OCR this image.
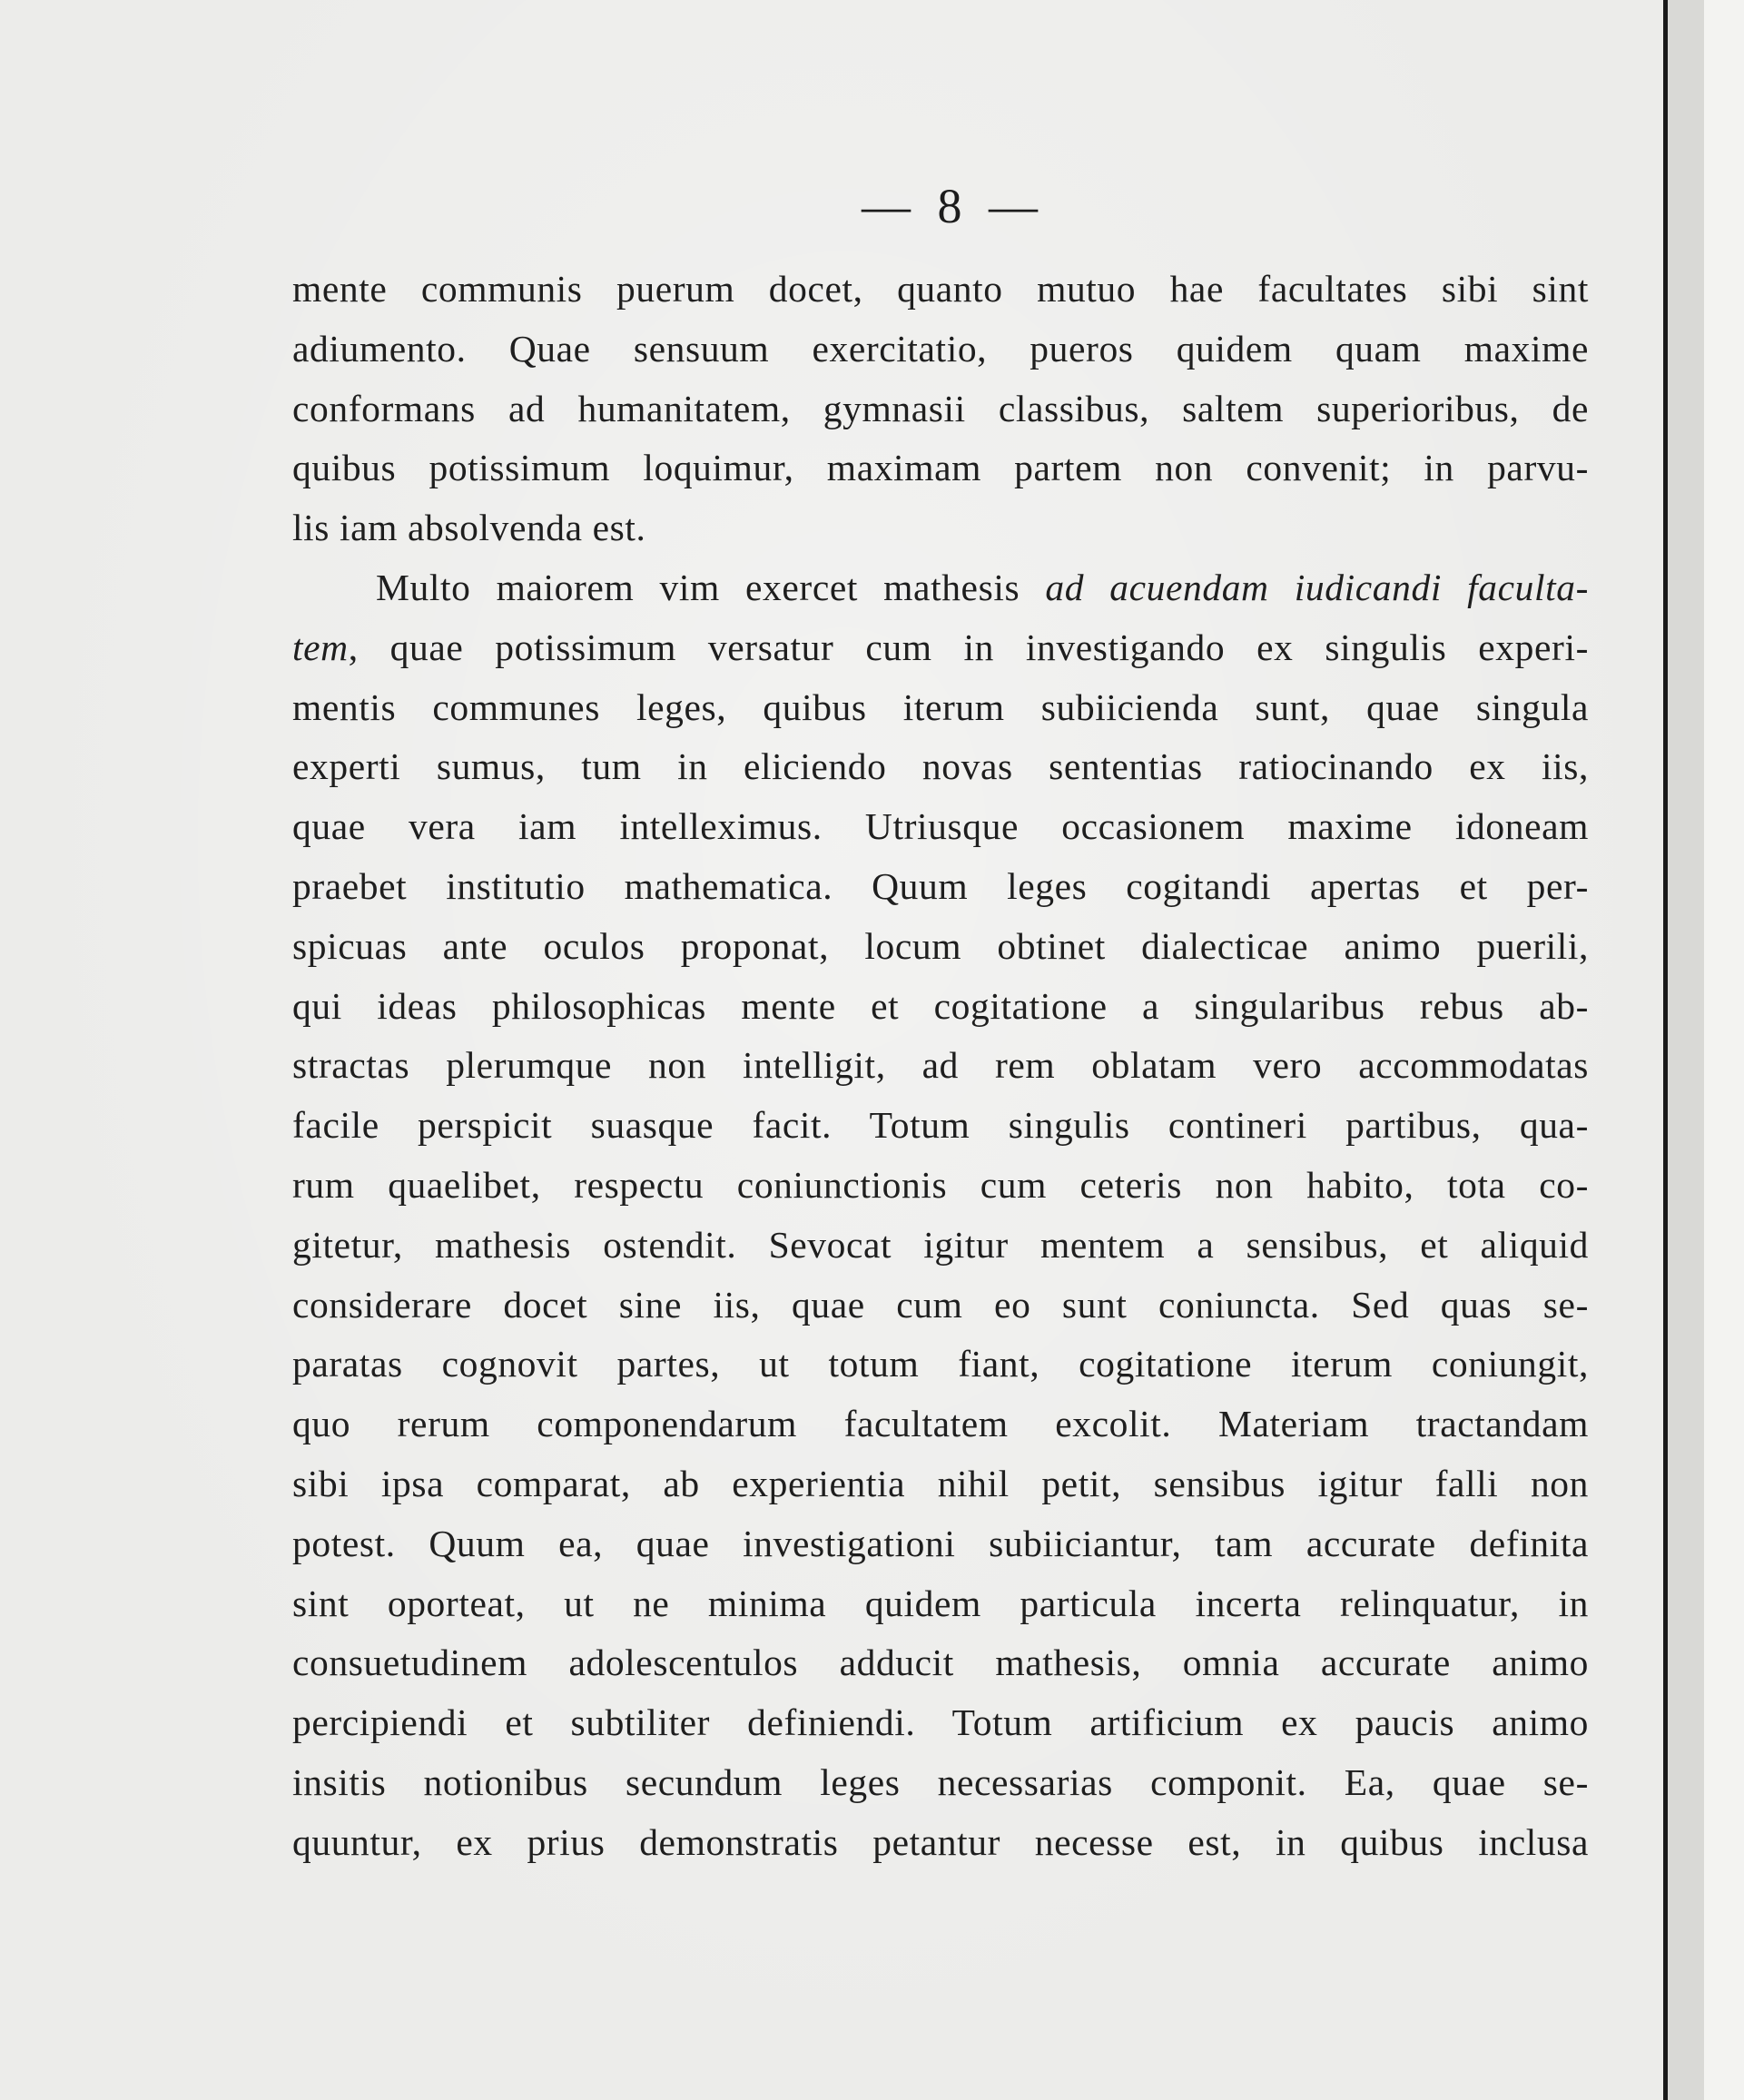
— 8 —
mente communis puerum docet, quanto mutuo hae facultates sibi sint
adiumento. Quae sensuum exercitatio, pueros quidem quam maxime
conformans ad humanitatem, gymnasii classibus, saltem superioribus, de
quibus potissimum loquimur, maximam partem non convenit; in parvu-
lis iam absolvenda est.
Multo maiorem vim exercet mathesis ad acuendam iudicandi faculta-
tem, quae potissimum versatur cum in investigando ex singulis experi-
mentis communes leges, quibus iterum subiicienda sunt, quae singula
experti sumus, tum in eliciendo novas sententias ratiocinando ex iis,
quae vera iam intelleximus. Utriusque occasionem maxime idoneam
praebet institutio mathematica. Quum leges cogitandi apertas et per-
spicuas ante oculos proponat, locum obtinet dialecticae animo puerili,
qui ideas philosophicas mente et cogitatione a singularibus rebus ab-
stractas plerumque non intelligit, ad rem oblatam vero accommodatas
facile perspicit suasque facit. Totum singulis contineri partibus, qua-
rum quaelibet, respectu coniunctionis cum ceteris non habito, tota co-
gitetur, mathesis ostendit. Sevocat igitur mentem a sensibus, et aliquid
considerare docet sine iis, quae cum eo sunt coniuncta. Sed quas se-
paratas cognovit partes, ut totum fiant, cogitatione iterum coniungit,
quo rerum componendarum facultatem excolit. Materiam tractandam
sibi ipsa comparat, ab experientia nihil petit, sensibus igitur falli non
potest. Quum ea, quae investigationi subiiciantur, tam accurate definita
sint oporteat, ut ne minima quidem particula incerta relinquatur, in
consuetudinem adolescentulos adducit mathesis, omnia accurate animo
percipiendi et subtiliter definiendi. Totum artificium ex paucis animo
insitis notionibus secundum leges necessarias componit. Ea, quae se-
quuntur, ex prius demonstratis petantur necesse est, in quibus inclusa
